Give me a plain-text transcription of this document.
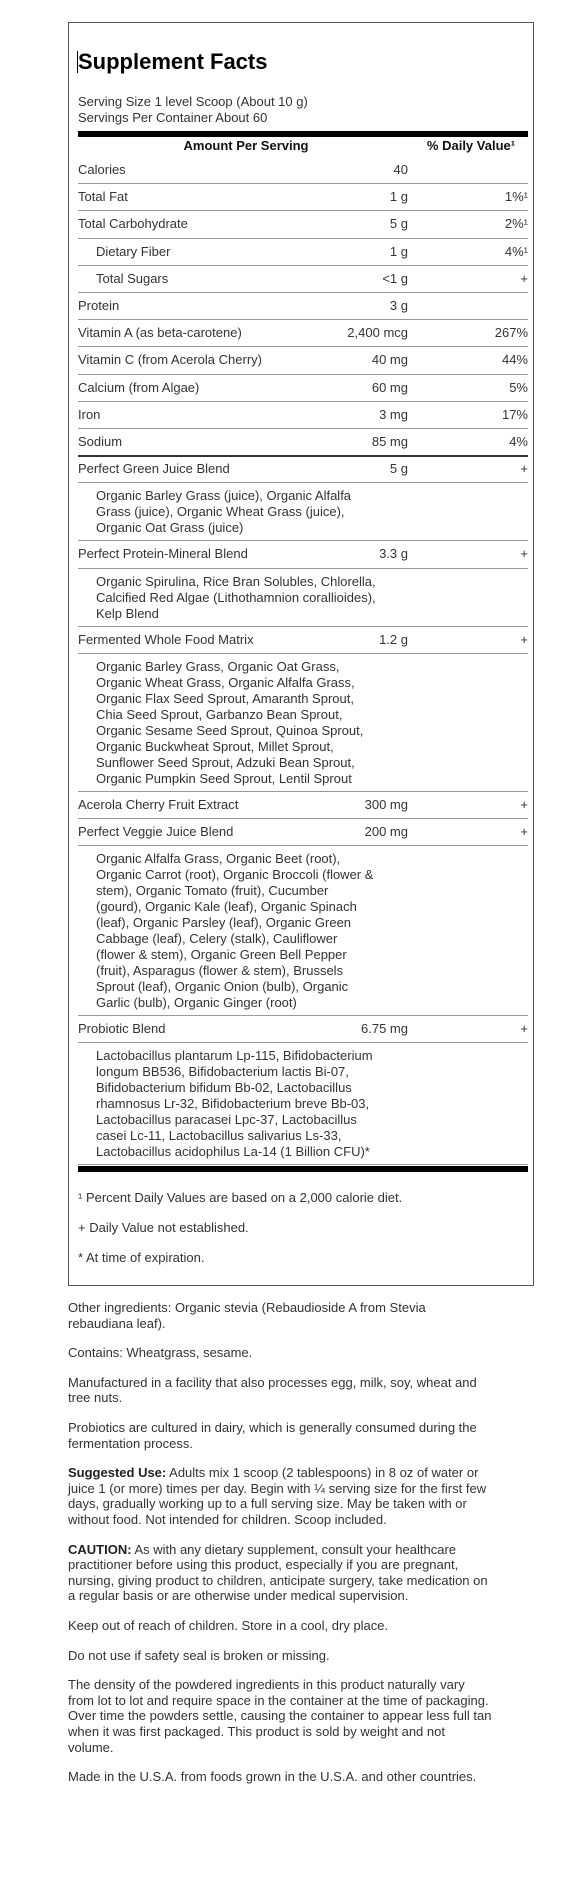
Supplement Facts
Serving Size 1 level Scoop (About 10 g)
Servings Per Container About 60
Amount Per Serving	% Daily Value¹
Calories	40
Total Fat	1 g	1%¹
Total Carbohydrate	5 g	2%¹
Dietary Fiber	1 g	4%¹
Total Sugars	<1 g	+
Protein	3 g
Vitamin A (as beta-carotene)	2,400 mcg	267%
Vitamin C (from Acerola Cherry)	40 mg	44%
Calcium (from Algae)	60 mg	5%
Iron	3 mg	17%
Sodium	85 mg	4%
Perfect Green Juice Blend	5 g	+
Organic Barley Grass (juice), Organic Alfalfa
Grass (juice), Organic Wheat Grass (juice),
Organic Oat Grass (juice)
Perfect Protein-Mineral Blend	3.3 g	+
Organic Spirulina, Rice Bran Solubles, Chlorella,
Calcified Red Algae (Lithothamnion corallioides),
Kelp Blend
Fermented Whole Food Matrix	1.2 g	+
Organic Barley Grass, Organic Oat Grass,
Organic Wheat Grass, Organic Alfalfa Grass,
Organic Flax Seed Sprout, Amaranth Sprout,
Chia Seed Sprout, Garbanzo Bean Sprout,
Organic Sesame Seed Sprout, Quinoa Sprout,
Organic Buckwheat Sprout, Millet Sprout,
Sunflower Seed Sprout, Adzuki Bean Sprout,
Organic Pumpkin Seed Sprout, Lentil Sprout
Acerola Cherry Fruit Extract	300 mg	+
Perfect Veggie Juice Blend	200 mg	+
Organic Alfalfa Grass, Organic Beet (root),
Organic Carrot (root), Organic Broccoli (flower &
stem), Organic Tomato (fruit), Cucumber
(gourd), Organic Kale (leaf), Organic Spinach
(leaf), Organic Parsley (leaf), Organic Green
Cabbage (leaf), Celery (stalk), Cauliflower
(flower & stem), Organic Green Bell Pepper
(fruit), Asparagus (flower & stem), Brussels
Sprout (leaf), Organic Onion (bulb), Organic
Garlic (bulb), Organic Ginger (root)
Probiotic Blend	6.75 mg	+
Lactobacillus plantarum Lp-115, Bifidobacterium
longum BB536, Bifidobacterium lactis Bi-07,
Bifidobacterium bifidum Bb-02, Lactobacillus
rhamnosus Lr-32, Bifidobacterium breve Bb-03,
Lactobacillus paracasei Lpc-37, Lactobacillus
casei Lc-11, Lactobacillus salivarius Ls-33,
Lactobacillus acidophilus La-14 (1 Billion CFU)*
¹ Percent Daily Values are based on a 2,000 calorie diet.
+ Daily Value not established.
* At time of expiration.
Other ingredients: Organic stevia (Rebaudioside A from Stevia
rebaudiana leaf).
Contains: Wheatgrass, sesame.
Manufactured in a facility that also processes egg, milk, soy, wheat and
tree nuts.
Probiotics are cultured in dairy, which is generally consumed during the
fermentation process.
Suggested Use: Adults mix 1 scoop (2 tablespoons) in 8 oz of water or
juice 1 (or more) times per day. Begin with ¼ serving size for the first few
days, gradually working up to a full serving size. May be taken with or
without food. Not intended for children. Scoop included.
CAUTION: As with any dietary supplement, consult your healthcare
practitioner before using this product, especially if you are pregnant,
nursing, giving product to children, anticipate surgery, take medication on
a regular basis or are otherwise under medical supervision.
Keep out of reach of children. Store in a cool, dry place.
Do not use if safety seal is broken or missing.
The density of the powdered ingredients in this product naturally vary
from lot to lot and require space in the container at the time of packaging.
Over time the powders settle, causing the container to appear less full tan
when it was first packaged. This product is sold by weight and not
volume.
Made in the U.S.A. from foods grown in the U.S.A. and other countries.
